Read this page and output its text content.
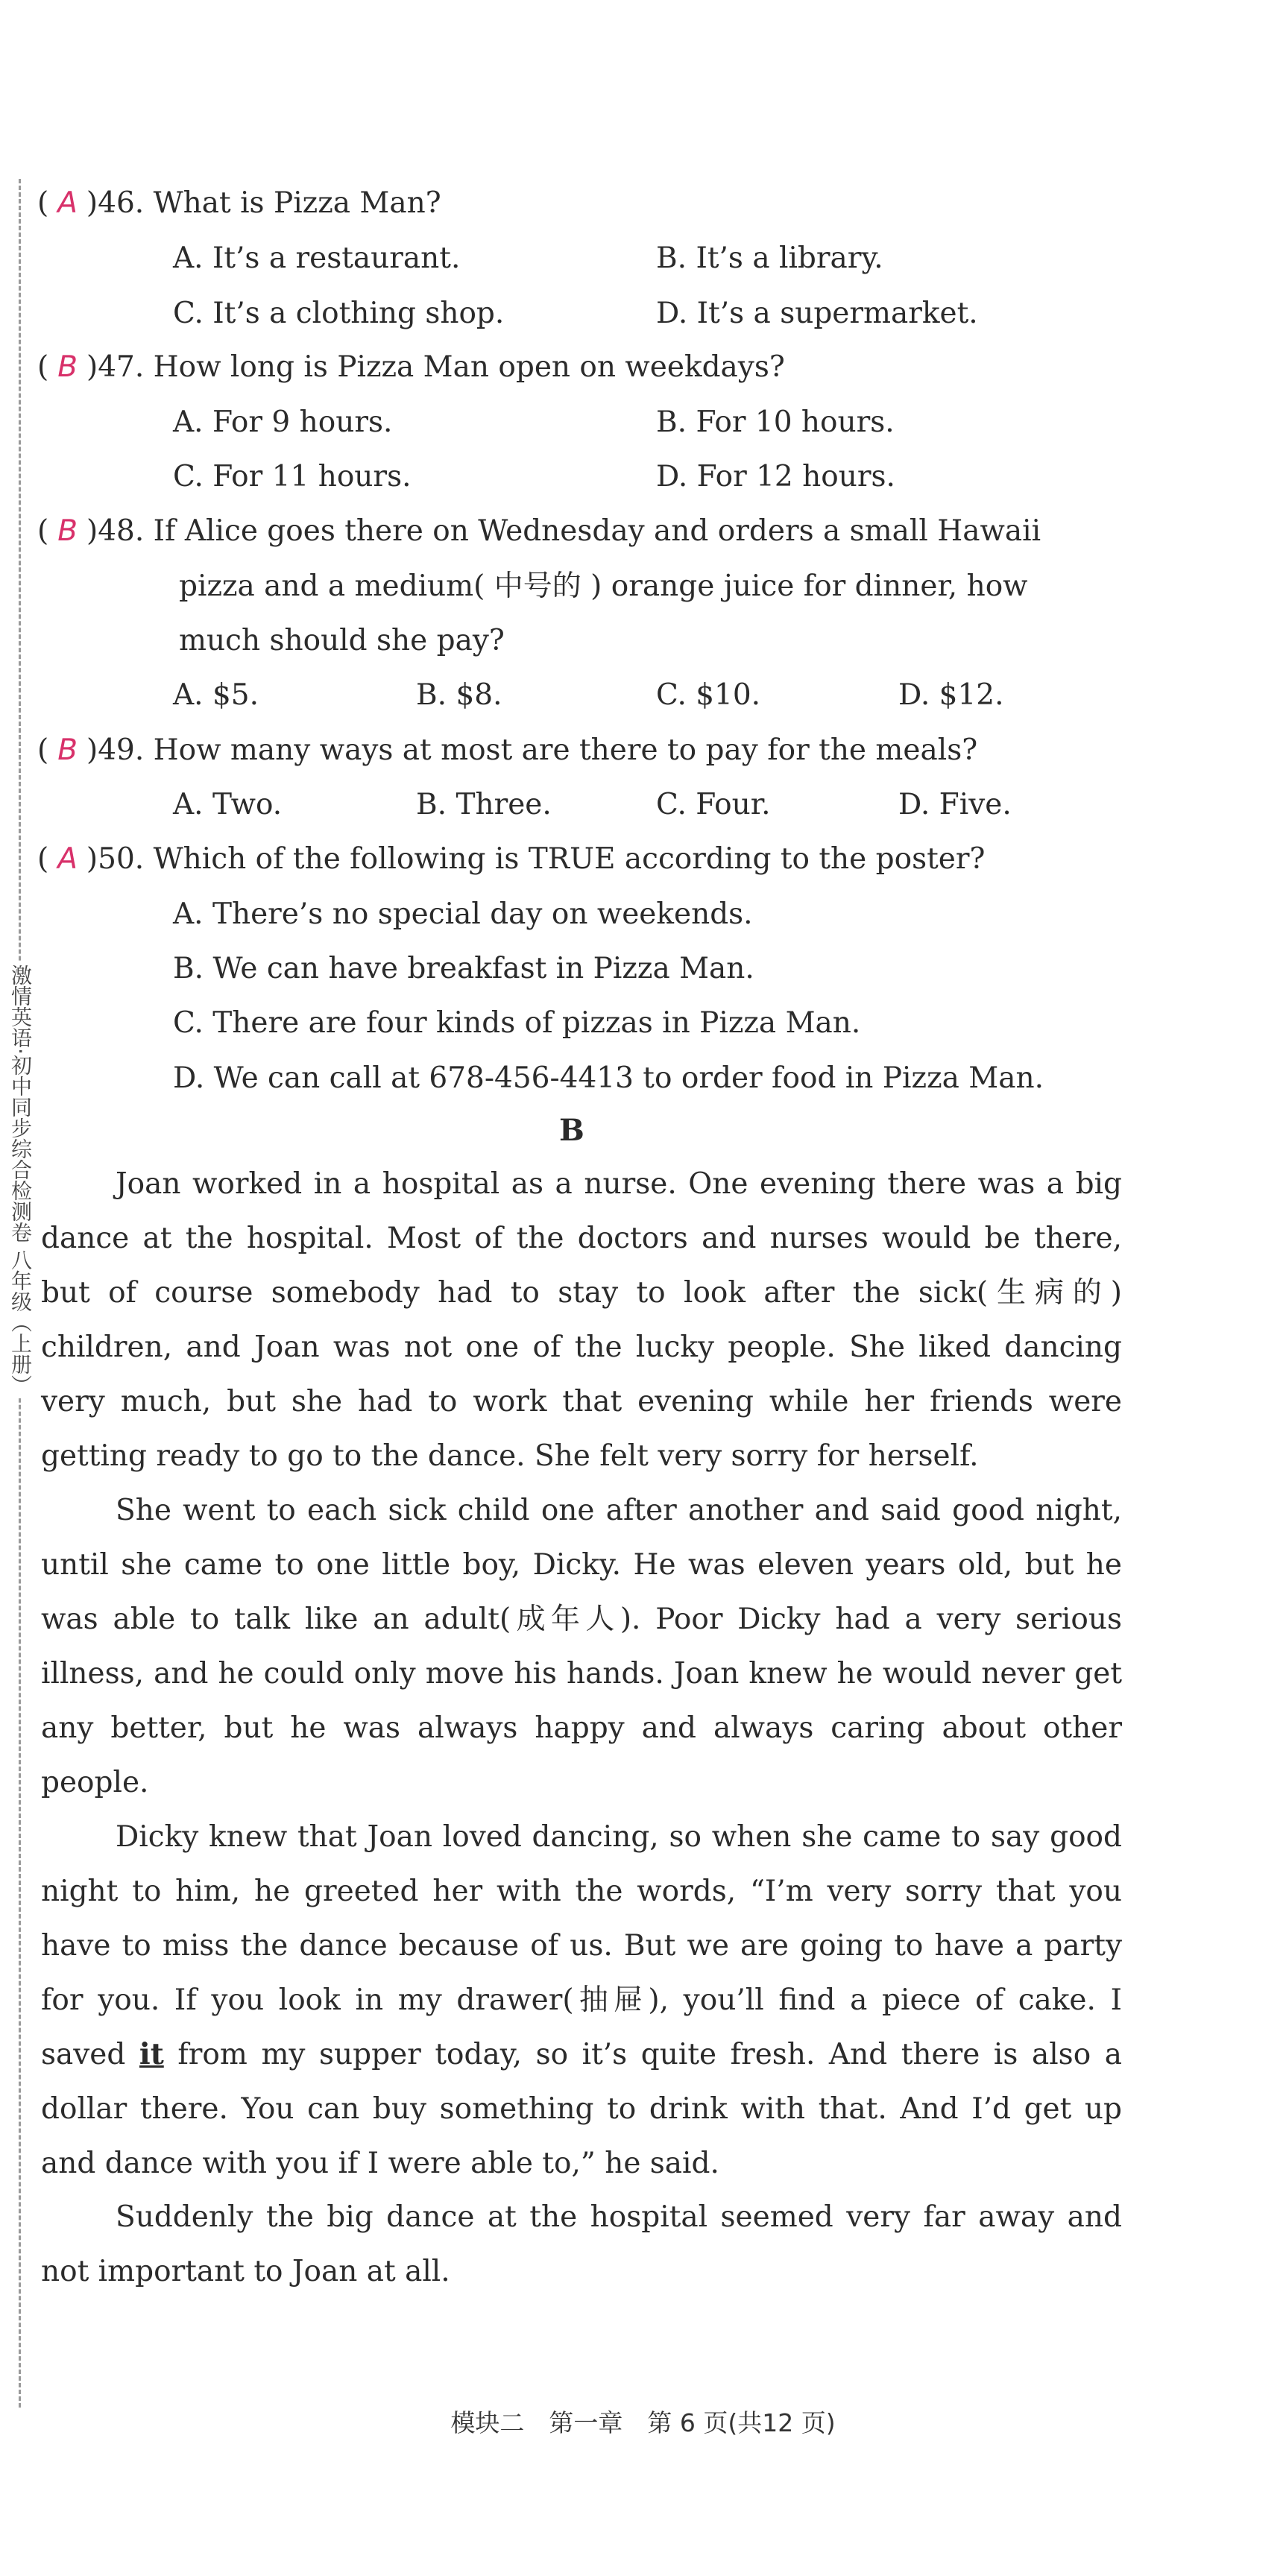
激情英语·初中同步综合检测卷 八年级（上册）
( A )46. What is Pizza Man?
A. It’s a restaurant.	B. It’s a library.
C. It’s a clothing shop.	D. It’s a supermarket.
( B )47. How long is Pizza Man open on weekdays?
A. For 9 hours.	B. For 10 hours.
C. For 11 hours.	D. For 12 hours.
( B )48. If Alice goes there on Wednesday and orders a small Hawaii
pizza and a medium( 中号的 ) orange juice for dinner, how
much should she pay?
A. $5.	B. $8.	C. $10.	D. $12.
( B )49. How many ways at most are there to pay for the meals?
A. Two.	B. Three.	C. Four.	D. Five.
( A )50. Which of the following is TRUE according to the poster?
A. There’s no special day on weekends.
B. We can have breakfast in Pizza Man.
C. There are four kinds of pizzas in Pizza Man.
D. We can call at 678-456-4413 to order food in Pizza Man.
B
Joan worked in a hospital as a nurse. One evening there was a big dance at the hospital. Most of the doctors and nurses would be there, but of course somebody had to stay to look after the sick(生病的) children, and Joan was not one of the lucky people. She liked dancing very much, but she had to work that evening while her friends were getting ready to go to the dance. She felt very sorry for herself.
She went to each sick child one after another and said good night, until she came to one little boy, Dicky. He was eleven years old, but he was able to talk like an adult(成年人). Poor Dicky had a very serious illness, and he could only move his hands. Joan knew he would never get any better, but he was always happy and always caring about other people.
Dicky knew that Joan loved dancing, so when she came to say good night to him, he greeted her with the words, “I’m very sorry that you have to miss the dance because of us. But we are going to have a party for you. If you look in my drawer(抽屉), you’ll find a piece of cake. I saved it from my supper today, so it’s quite fresh. And there is also a dollar there. You can buy something to drink with that. And I’d get up and dance with you if I were able to,” he said.
Suddenly the big dance at the hospital seemed very far away and not important to Joan at all.
模块二　第一章　第 6 页(共12 页)
